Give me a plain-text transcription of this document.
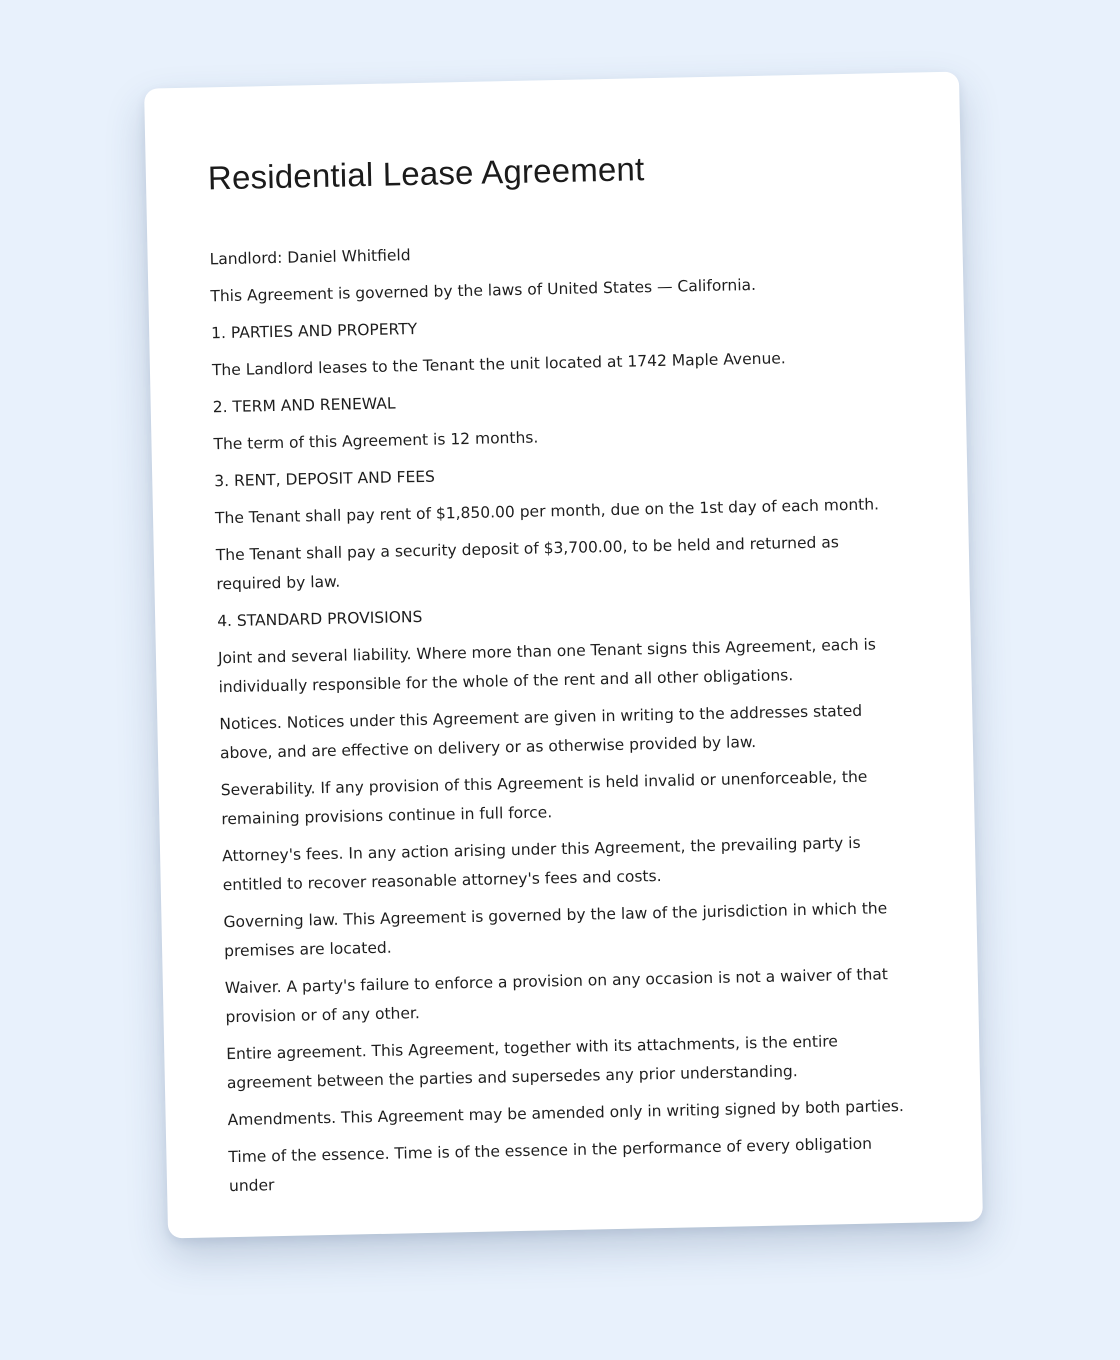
Residential Lease Agreement

Landlord: Daniel Whitfield

This Agreement is governed by the laws of United States — California.

1. PARTIES AND PROPERTY

The Landlord leases to the Tenant the unit located at 1742 Maple Avenue.

2. TERM AND RENEWAL

The term of this Agreement is 12 months.

3. RENT, DEPOSIT AND FEES

The Tenant shall pay rent of $1,850.00 per month, due on the 1st day of each month.

The Tenant shall pay a security deposit of $3,700.00, to be held and returned as required by law.

4. STANDARD PROVISIONS

Joint and several liability. Where more than one Tenant signs this Agreement, each is individually responsible for the whole of the rent and all other obligations.

Notices. Notices under this Agreement are given in writing to the addresses stated above, and are effective on delivery or as otherwise provided by law.

Severability. If any provision of this Agreement is held invalid or unenforceable, the remaining provisions continue in full force.

Attorney's fees. In any action arising under this Agreement, the prevailing party is entitled to recover reasonable attorney's fees and costs.

Governing law. This Agreement is governed by the law of the jurisdiction in which the premises are located.

Waiver. A party's failure to enforce a provision on any occasion is not a waiver of that provision or of any other.

Entire agreement. This Agreement, together with its attachments, is the entire agreement between the parties and supersedes any prior understanding.

Amendments. This Agreement may be amended only in writing signed by both parties.

Time of the essence. Time is of the essence in the performance of every obligation under
